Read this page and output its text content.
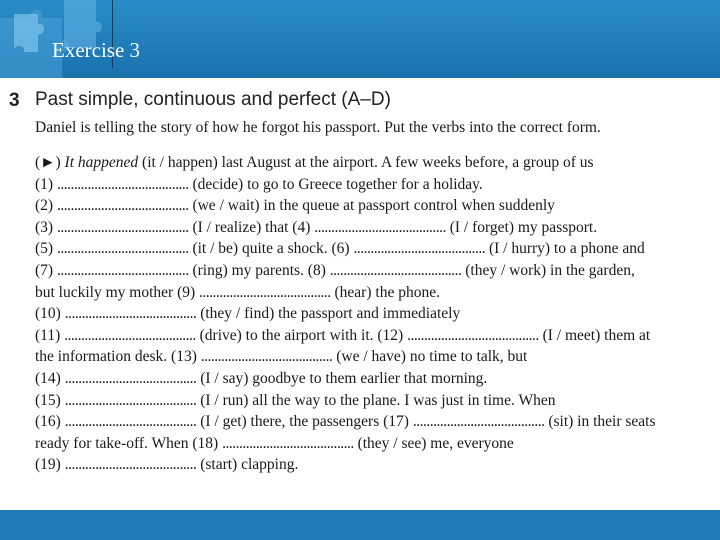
Exercise 3
3 Past simple, continuous and perfect (A–D)
Daniel is telling the story of how he forgot his passport. Put the verbs into the correct form.
(►) It happened (it / happen) last August at the airport. A few weeks before, a group of us
(1) ....................................... (decide) to go to Greece together for a holiday.
(2) ....................................... (we / wait) in the queue at passport control when suddenly
(3) ....................................... (I / realize) that (4) ....................................... (I / forget) my passport.
(5) ....................................... (it / be) quite a shock. (6) ....................................... (I / hurry) to a phone and
(7) ....................................... (ring) my parents. (8) ....................................... (they / work) in the garden,
but luckily my mother (9) ....................................... (hear) the phone.
(10) ....................................... (they / find) the passport and immediately
(11) ....................................... (drive) to the airport with it. (12) ....................................... (I / meet) them at
the information desk. (13) ....................................... (we / have) no time to talk, but
(14) ....................................... (I / say) goodbye to them earlier that morning.
(15) ....................................... (I / run) all the way to the plane. I was just in time. When
(16) ....................................... (I / get) there, the passengers (17) ....................................... (sit) in their seats
ready for take-off. When (18) ....................................... (they / see) me, everyone
(19) ....................................... (start) clapping.
